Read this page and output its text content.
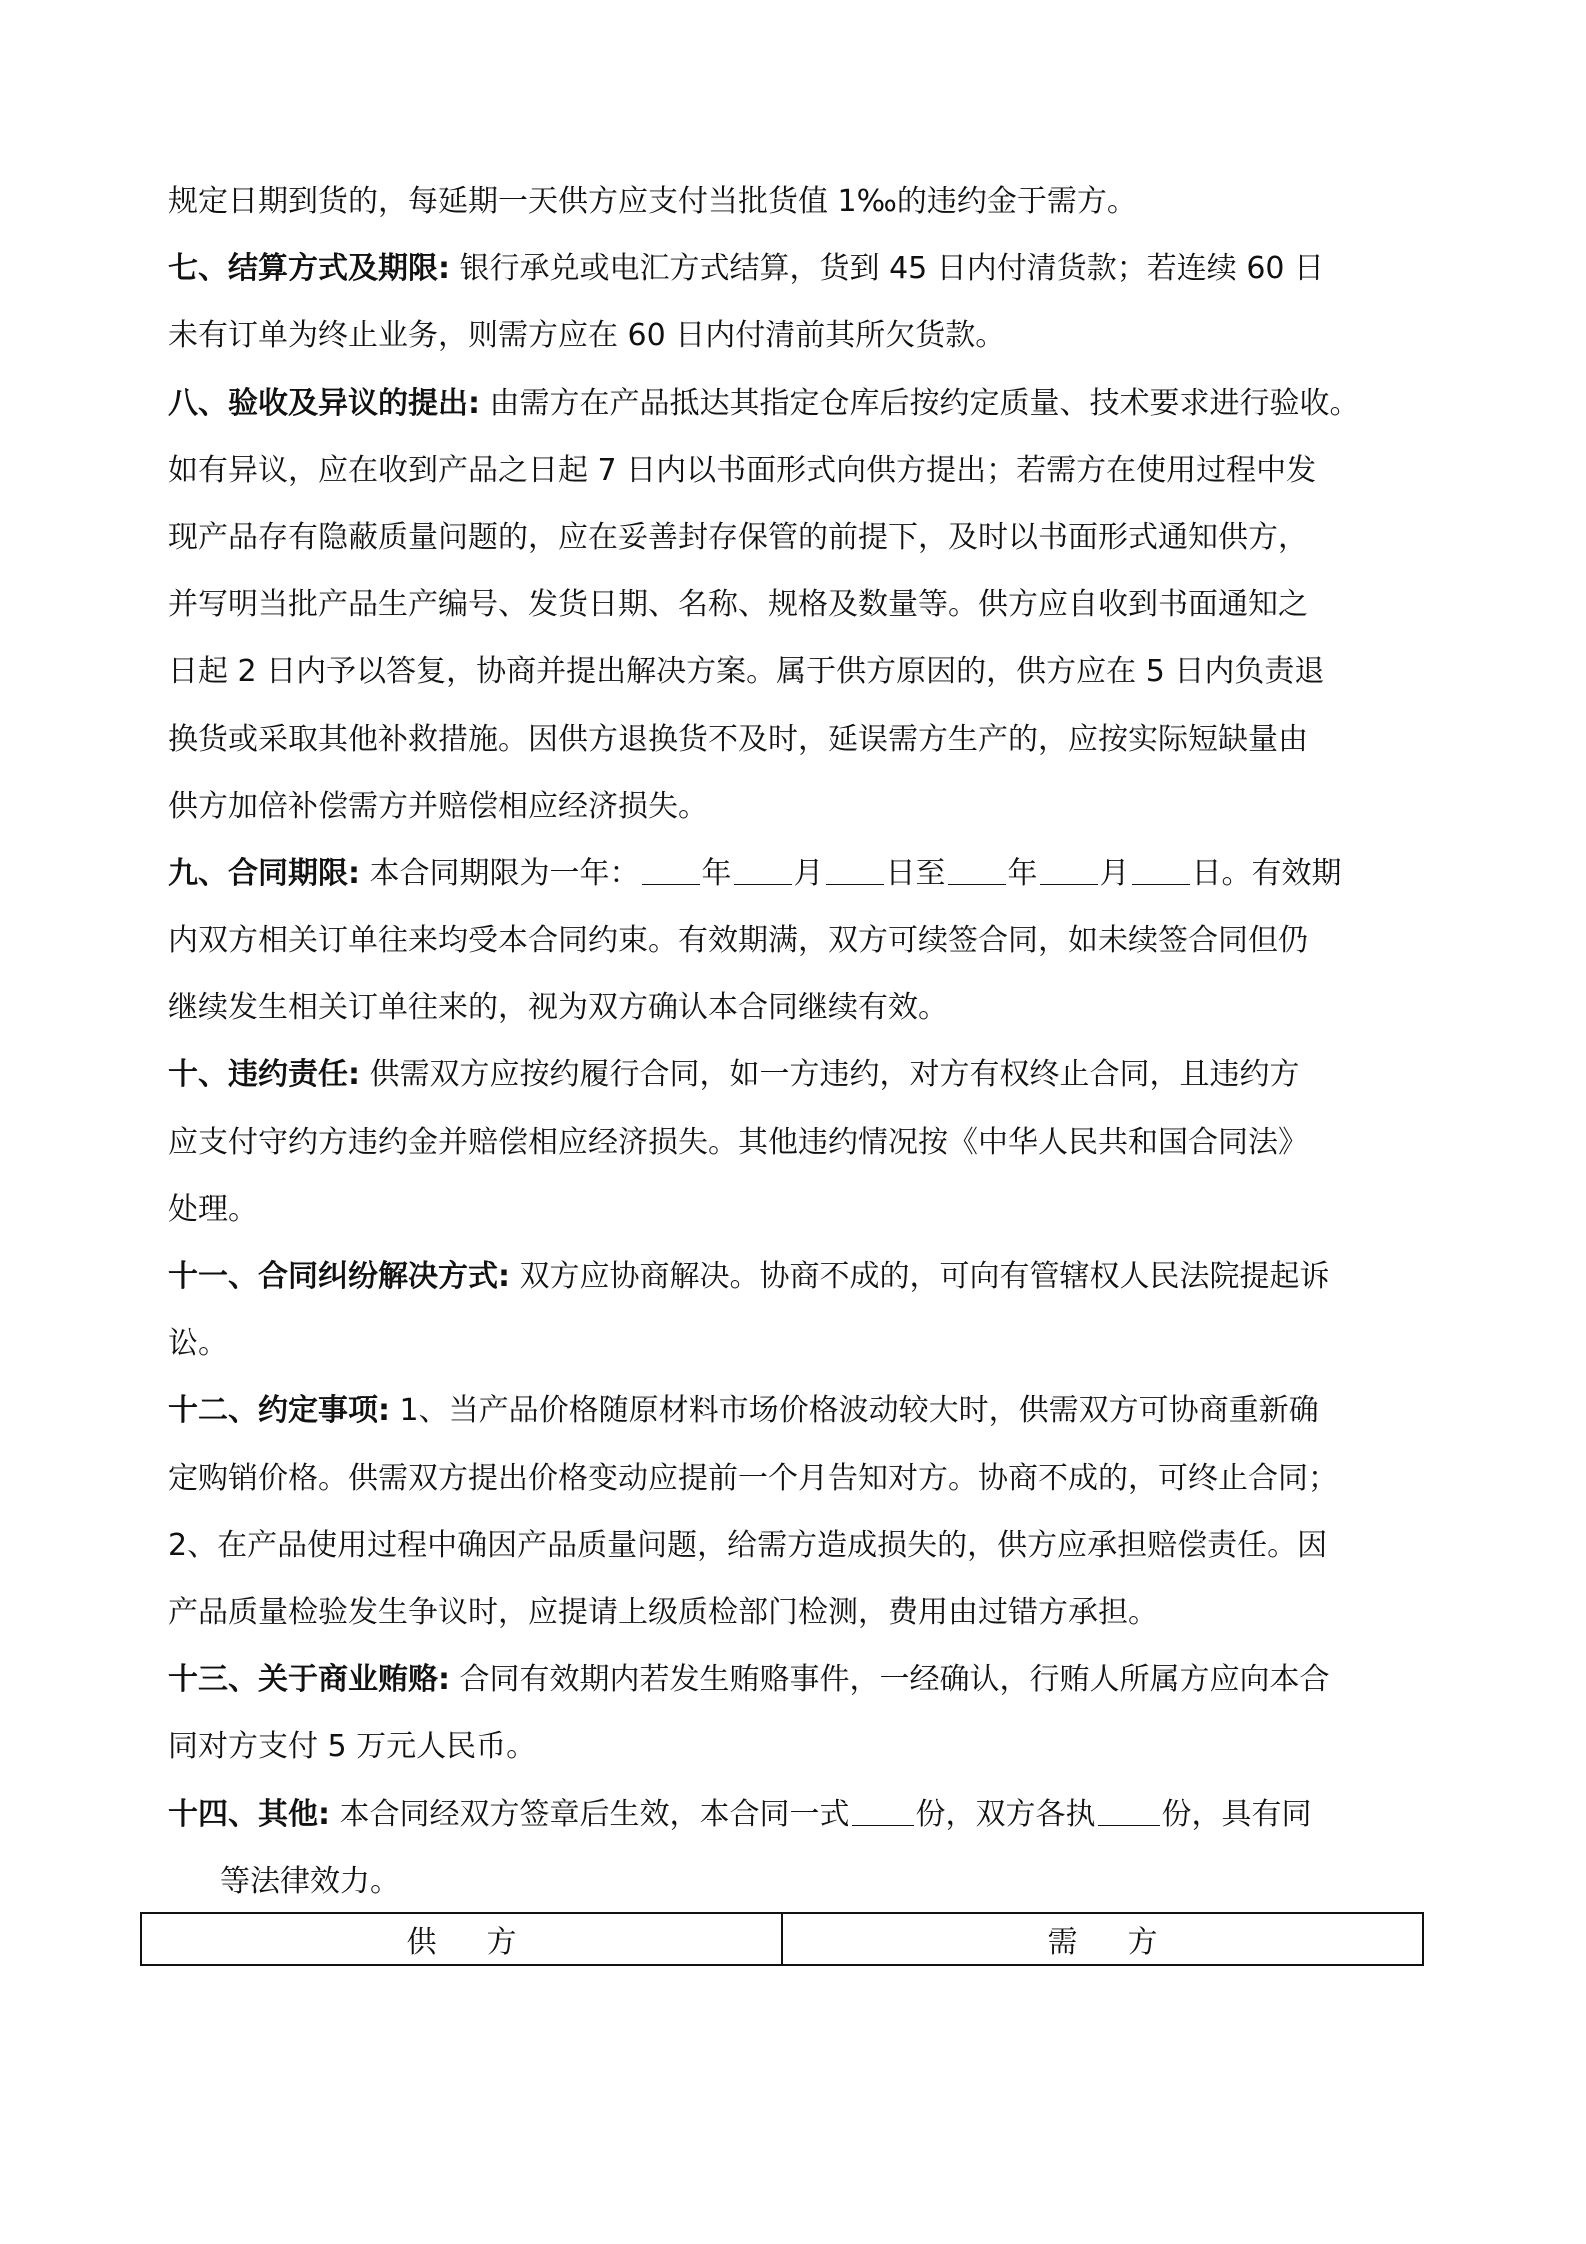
规定日期到货的，每延期一天供方应支付当批货值 1‰的违约金于需方。
七、结算方式及期限: 银行承兑或电汇方式结算，货到 45 日内付清货款；若连续 60 日
未有订单为终止业务，则需方应在 60 日内付清前其所欠货款。
八、验收及异议的提出: 由需方在产品抵达其指定仓库后按约定质量、技术要求进行验收。
如有异议，应在收到产品之日起 7 日内以书面形式向供方提出；若需方在使用过程中发
现产品存有隐蔽质量问题的，应在妥善封存保管的前提下，及时以书面形式通知供方，
并写明当批产品生产编号、发货日期、名称、规格及数量等。供方应自收到书面通知之
日起 2 日内予以答复，协商并提出解决方案。属于供方原因的，供方应在 5 日内负责退
换货或采取其他补救措施。因供方退换货不及时，延误需方生产的，应按实际短缺量由
供方加倍补偿需方并赔偿相应经济损失。
九、合同期限: 本合同期限为一年： 年 月 日至 年 月 日。有效期
内双方相关订单往来均受本合同约束。有效期满，双方可续签合同，如未续签合同但仍
继续发生相关订单往来的，视为双方确认本合同继续有效。
十、违约责任: 供需双方应按约履行合同，如一方违约，对方有权终止合同，且违约方
应支付守约方违约金并赔偿相应经济损失。其他违约情况按《中华人民共和国合同法》
处理。
十一、合同纠纷解决方式: 双方应协商解决。协商不成的，可向有管辖权人民法院提起诉
讼。
十二、约定事项: 1、当产品价格随原材料市场价格波动较大时，供需双方可协商重新确
定购销价格。供需双方提出价格变动应提前一个月告知对方。协商不成的，可终止合同；
2、在产品使用过程中确因产品质量问题，给需方造成损失的，供方应承担赔偿责任。因
产品质量检验发生争议时，应提请上级质检部门检测，费用由过错方承担。
十三、关于商业贿赂: 合同有效期内若发生贿赂事件，一经确认，行贿人所属方应向本合
同对方支付 5 万元人民币。
十四、其他: 本合同经双方签章后生效，本合同一式 份，双方各执 份，具有同
等法律效力。
供方	需方
